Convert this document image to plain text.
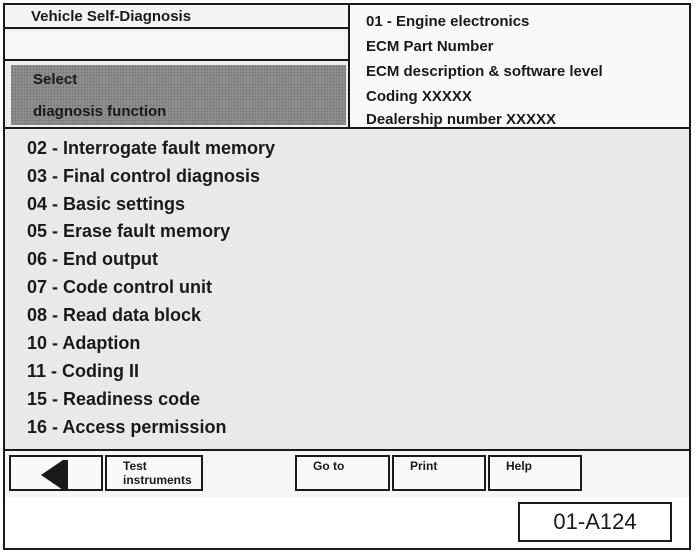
Vehicle Self-Diagnosis
Select
diagnosis function
01 - Engine electronics
ECM Part Number
ECM description & software level
Coding XXXXX
Dealership number XXXXX
02 - Interrogate fault memory
03 - Final control diagnosis
04 - Basic settings
05 - Erase fault memory
06 - End output
07 - Code control unit
08 - Read data block
10 - Adaption
11 - Coding II
15 - Readiness code
16 - Access permission
Test
instruments
Go to	Print	Help
01-A124
